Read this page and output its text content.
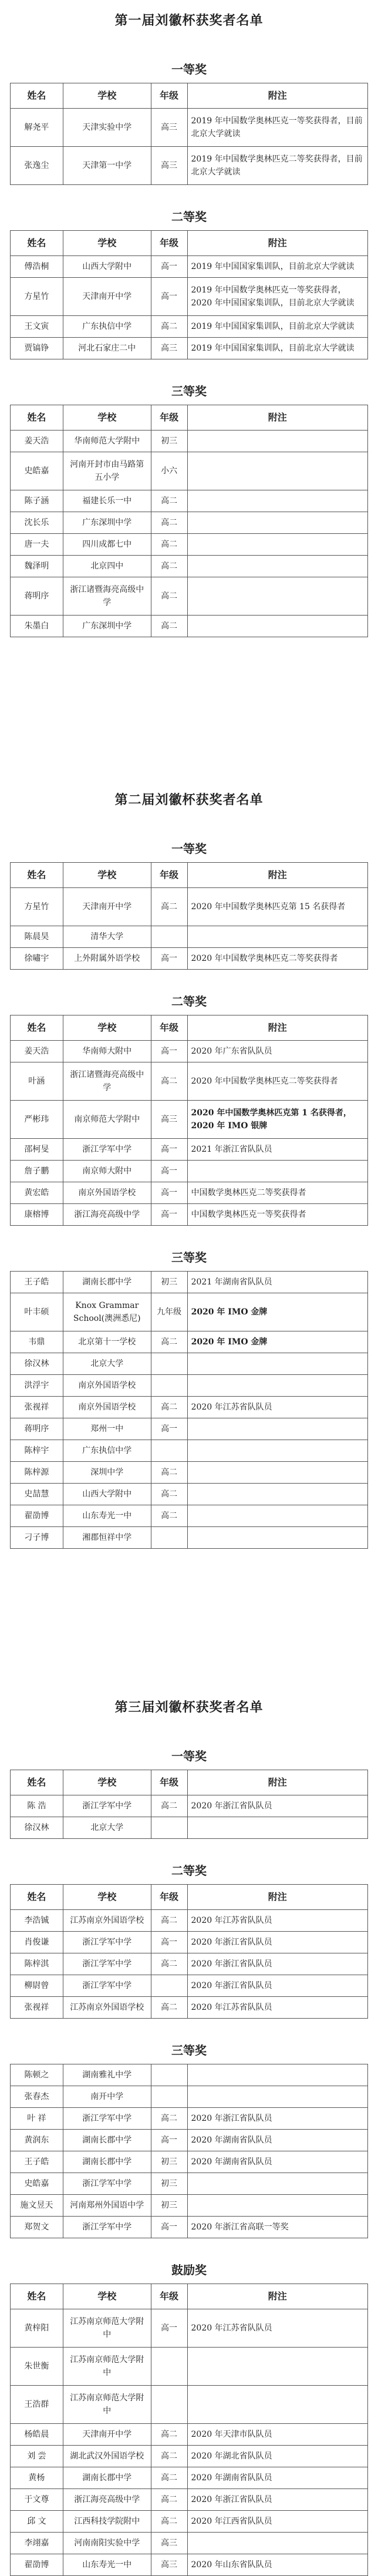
第一届刘徽杯获奖者名单
一等奖
姓名	学校	年级	附注
解尧平	天津实验中学	高三	2019 年中国数学奥林匹克一等奖获得者，目前北京大学就读
张逸尘	天津第一中学	高三	2019 年中国数学奥林匹克二等奖获得者，目前北京大学就读
二等奖
姓名	学校	年级	附注
傅浩桐	山西大学附中	高一	2019 年中国国家集训队，目前北京大学就读
方星竹	天津南开中学	高一	2019 年中国数学奥林匹克一等奖获得者，2020 年中国国家集训队，目前北京大学就读
王文寅	广东执信中学	高二	2019 年中国国家集训队，目前北京大学就读
贾镐铮	河北石家庄二中	高三	2019 年中国国家集训队，目前北京大学就读
三等奖
姓名	学校	年级	附注
姜天浩	华南师范大学附中	初三	
史皓嘉	河南开封市由马路第五小学	小六	
陈子涵	福建长乐一中	高二	
沈长乐	广东深圳中学	高二	
唐一夫	四川成都七中	高二	
魏泽明	北京四中	高二	
蒋明序	浙江诸暨海亮高级中学	高二	
朱墨白	广东深圳中学	高二	
第二届刘徽杯获奖者名单
一等奖
姓名	学校	年级	附注
方星竹	天津南开中学	高二	2020 年中国数学奥林匹克第 15 名获得者
陈晨昊	清华大学		
徐嘯宇	上外附属外语学校	高一	2020 年中国数学奥林匹克二等奖获得者
二等奖
姓名	学校	年级	附注
姜天浩	华南师大附中	高一	2020 年广东省队队员
叶涵	浙江诸暨海亮高级中学	高二	2020 年中国数学奥林匹克二等奖获得者
严彬玮	南京师范大学附中	高三	2020 年中国数学奥林匹克第 1 名获得者，2020 年 IMO 银牌
邵柯旻	浙江学军中学	高一	2021 年浙江省队队员
詹子鹏	南京师大附中	高一	
黄宏皓	南京外国语学校	高一	中国数学奥林匹克二等奖获得者
康榕博	浙江海亮高级中学	高一	中国数学奥林匹克一等奖获得者
三等奖
王子皓	湖南长郡中学	初三	2021 年湖南省队队员
叶丰硕	Knox Grammar School(澳洲悉尼)	九年级	2020 年 IMO 金牌
韦鼎	北京第十一学校	高二	2020 年 IMO 金牌
徐汉林	北京大学		
洪浮宇	南京外国语学校		
张视祥	南京外国语学校	高二	2020 年江苏省队队员
蒋明序	郑州一中	高一	
陈梓宇	广东执信中学		
陈梓源	深圳中学	高二	
史喆慧	山西大学附中	高二	
翟劭博	山东寿光一中	高二	
刁子博	湘郡恒祥中学		
第三届刘徽杯获奖者名单
一等奖
姓名	学校	年级	附注
陈 浩	浙江学军中学	高二	2020 年浙江省队队员
徐汉林	北京大学		
二等奖
姓名	学校	年级	附注
李浩铖	江苏南京外国语学校	高二	2020 年江苏省队队员
肖俊谦	浙江学军中学	高一	2020 年浙江省队队员
陈梓淇	浙江学军中学	高二	2020 年浙江省队队员
柳尉曾	浙江学军中学		2020 年浙江省队队员
张视祥	江苏南京外国语学校	高二	2020 年江苏省队队员
三等奖
陈顿之	湖南雅礼中学		
张春杰	南开中学		
叶 祥	浙江学军中学	高二	2020 年浙江省队队员
黄润东	湖南长郡中学	高一	2020 年湖南省队队员
王子皓	湖南长郡中学	初三	2020 年湖南省队队员
史皓嘉	浙江学军中学	初三	
施文昱天	河南郑州外国语中学	初三	
郑贺文	浙江学军中学	高一	2020 年浙江省高联一等奖
鼓励奖
姓名	学校	年级	附注
黄梓阳	江苏南京师范大学附中	高一	2020 年江苏省队队员
朱世衡	江苏南京师范大学附中		
王浩群	江苏南京师范大学附中		
杨皓晨	天津南开中学	高二	2020 年天津市队队员
刘 尝	湖北武汉外国语学校	高二	2020 年湖北省队队员
黄杨	湖南长郡中学	高二	2020 年湖南省队队员
于文尊	浙江海亮高级中学	高二	2020 年浙江省队队员
邱 文	江西科技学院附中	高二	2020 年江西省队队员
李翊嘉	河南南阳实验中学	高三	
翟劭博	山东寿光一中	高三	2020 年山东省队队员
